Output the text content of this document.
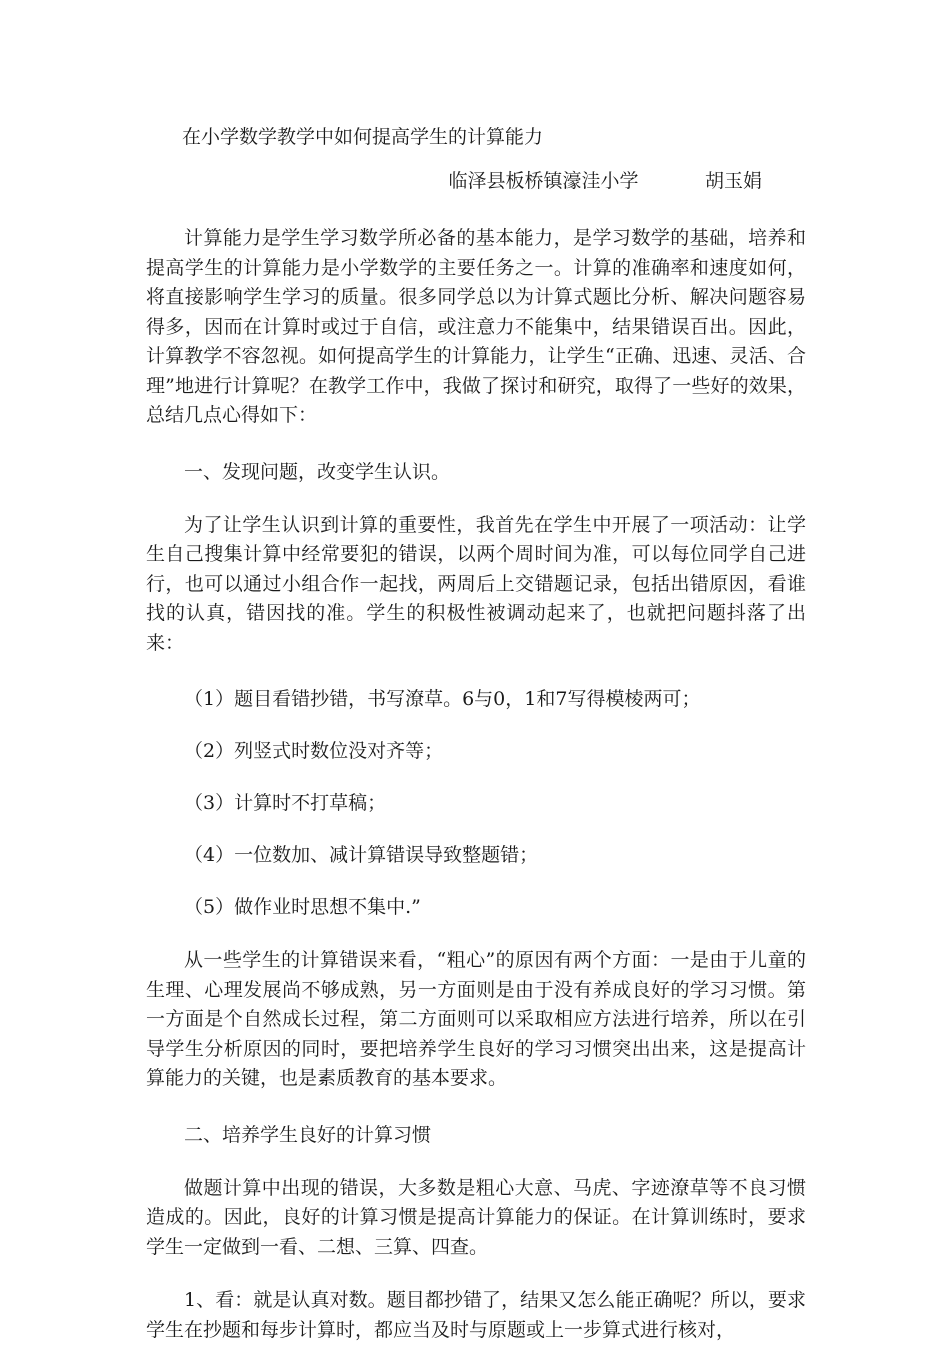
在小学数学教学中如何提高学生的计算能力

临泽县板桥镇濠洼小学	胡玉娟

计算能力是学生学习数学所必备的基本能力，是学习数学的基础，培养和提高学生的计算能力是小学数学的主要任务之一。计算的准确率和速度如何，将直接影响学生学习的质量。很多同学总以为计算式题比分析、解决问题容易得多，因而在计算时或过于自信，或注意力不能集中，结果错误百出。因此，计算教学不容忽视。如何提高学生的计算能力，让学生“正确、迅速、灵活、合理”地进行计算呢？在教学工作中，我做了探讨和研究，取得了一些好的效果，总结几点心得如下：

一、发现问题，改变学生认识。

为了让学生认识到计算的重要性，我首先在学生中开展了一项活动：让学生自己搜集计算中经常要犯的错误，以两个周时间为准，可以每位同学自己进行，也可以通过小组合作一起找，两周后上交错题记录，包括出错原因，看谁找的认真，错因找的准。学生的积极性被调动起来了，也就把问题抖落了出来：

（1）题目看错抄错，书写潦草。6与0，1和7写得模棱两可；

（2）列竖式时数位没对齐等；

（3）计算时不打草稿；

（4）一位数加、减计算错误导致整题错；

（5）做作业时思想不集中.”

从一些学生的计算错误来看，“粗心”的原因有两个方面：一是由于儿童的生理、心理发展尚不够成熟，另一方面则是由于没有养成良好的学习习惯。第一方面是个自然成长过程，第二方面则可以采取相应方法进行培养，所以在引导学生分析原因的同时，要把培养学生良好的学习习惯突出出来，这是提高计算能力的关键，也是素质教育的基本要求。

二、培养学生良好的计算习惯

做题计算中出现的错误，大多数是粗心大意、马虎、字迹潦草等不良习惯造成的。因此，良好的计算习惯是提高计算能力的保证。在计算训练时，要求学生一定做到一看、二想、三算、四查。

1、看：就是认真对数。题目都抄错了，结果又怎么能正确呢？所以，要求学生在抄题和每步计算时，都应当及时与原题或上一步算式进行核对，
